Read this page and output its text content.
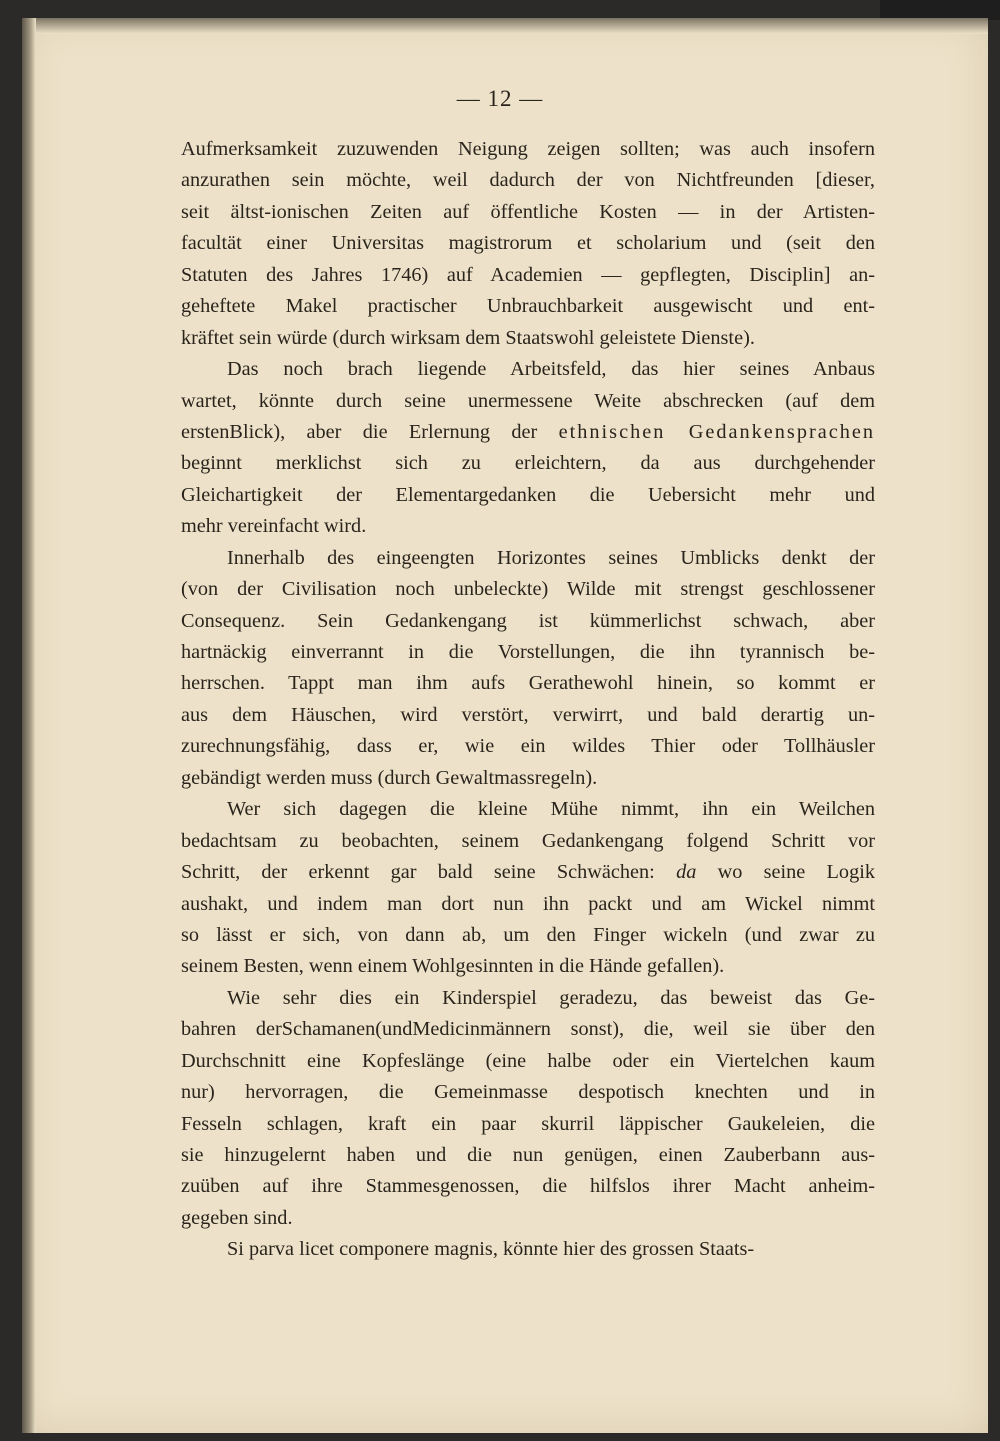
— 12 —
Aufmerksamkeit zuzuwenden Neigung zeigen sollten; was auch insofern
anzurathen sein möchte, weil dadurch der von Nichtfreunden [dieser,
seit ältst-ionischen Zeiten auf öffentliche Kosten — in der Artisten-
facultät einer Universitas magistrorum et scholarium und (seit den
Statuten des Jahres 1746) auf Academien — gepflegten, Disciplin] an-
geheftete Makel practischer Unbrauchbarkeit ausgewischt und ent-
kräftet sein würde (durch wirksam dem Staatswohl geleistete Dienste).
Das noch brach liegende Arbeitsfeld, das hier seines Anbaus
wartet, könnte durch seine unermessene Weite abschrecken (auf dem
erstenBlick), aber die Erlernung der ethnischen Gedankensprachen
beginnt merklichst sich zu erleichtern, da aus durchgehender
Gleichartigkeit der Elementargedanken die Uebersicht mehr und
mehr vereinfacht wird.
Innerhalb des eingeengten Horizontes seines Umblicks denkt der
(von der Civilisation noch unbeleckte) Wilde mit strengst geschlossener
Consequenz. Sein Gedankengang ist kümmerlichst schwach, aber
hartnäckig einverrannt in die Vorstellungen, die ihn tyrannisch be-
herrschen. Tappt man ihm aufs Gerathewohl hinein, so kommt er
aus dem Häuschen, wird verstört, verwirrt, und bald derartig un-
zurechnungsfähig, dass er, wie ein wildes Thier oder Tollhäusler
gebändigt werden muss (durch Gewaltmassregeln).
Wer sich dagegen die kleine Mühe nimmt, ihn ein Weilchen
bedachtsam zu beobachten, seinem Gedankengang folgend Schritt vor
Schritt, der erkennt gar bald seine Schwächen: da wo seine Logik
aushakt, und indem man dort nun ihn packt und am Wickel nimmt
so lässt er sich, von dann ab, um den Finger wickeln (und zwar zu
seinem Besten, wenn einem Wohlgesinnten in die Hände gefallen).
Wie sehr dies ein Kinderspiel geradezu, das beweist das Ge-
bahren derSchamanen(undMedicinmännern sonst), die, weil sie über den
Durchschnitt eine Kopfeslänge (eine halbe oder ein Viertelchen kaum
nur) hervorragen, die Gemeinmasse despotisch knechten und in
Fesseln schlagen, kraft ein paar skurril läppischer Gaukeleien, die
sie hinzugelernt haben und die nun genügen, einen Zauberbann aus-
zuüben auf ihre Stammesgenossen, die hilfslos ihrer Macht anheim-
gegeben sind.
Si parva licet componere magnis, könnte hier des grossen Staats-
